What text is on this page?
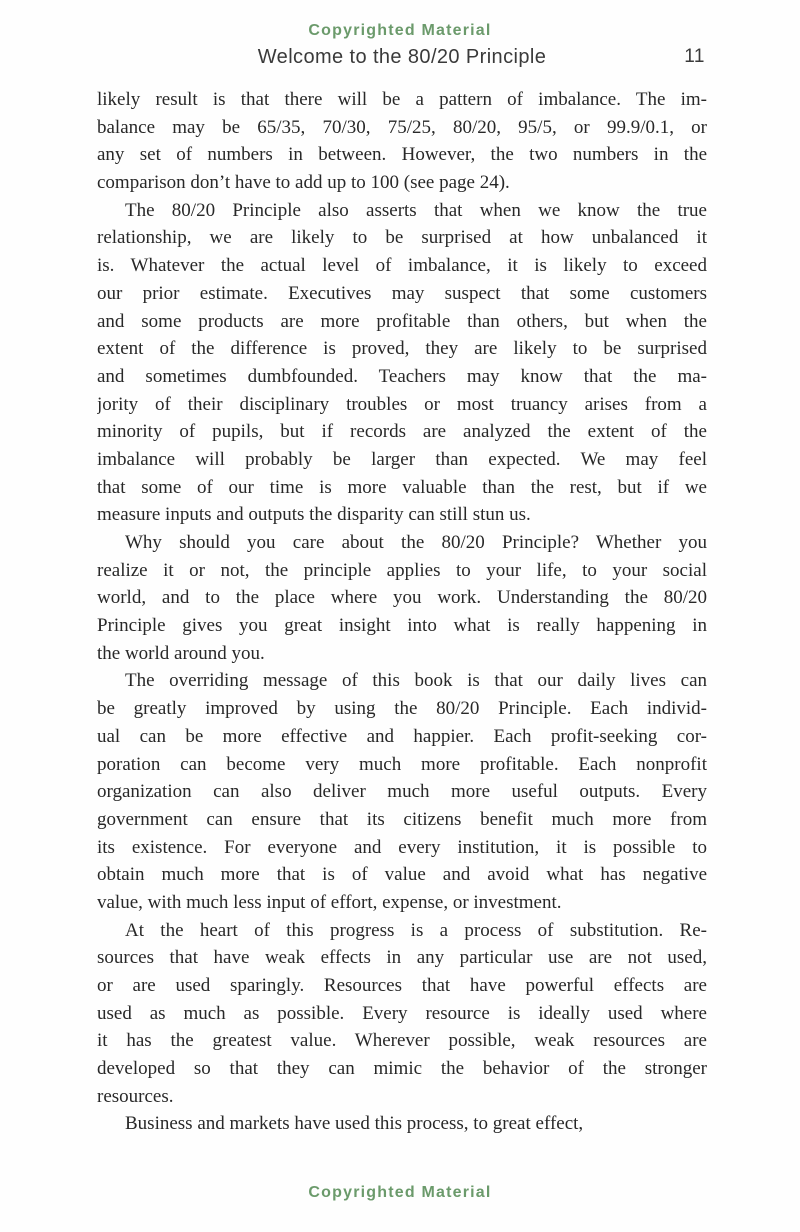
Copyrighted Material
Welcome to the 80/20 Principle	11
likely result is that there will be a pattern of imbalance. The im-
balance may be 65/35, 70/30, 75/25, 80/20, 95/5, or 99.9/0.1, or
any set of numbers in between. However, the two numbers in the
comparison don’t have to add up to 100 (see page 24).
The 80/20 Principle also asserts that when we know the true
relationship, we are likely to be surprised at how unbalanced it
is. Whatever the actual level of imbalance, it is likely to exceed
our prior estimate. Executives may suspect that some customers
and some products are more profitable than others, but when the
extent of the difference is proved, they are likely to be surprised
and sometimes dumbfounded. Teachers may know that the ma-
jority of their disciplinary troubles or most truancy arises from a
minority of pupils, but if records are analyzed the extent of the
imbalance will probably be larger than expected. We may feel
that some of our time is more valuable than the rest, but if we
measure inputs and outputs the disparity can still stun us.
Why should you care about the 80/20 Principle? Whether you
realize it or not, the principle applies to your life, to your social
world, and to the place where you work. Understanding the 80/20
Principle gives you great insight into what is really happening in
the world around you.
The overriding message of this book is that our daily lives can
be greatly improved by using the 80/20 Principle. Each individ-
ual can be more effective and happier. Each profit-seeking cor-
poration can become very much more profitable. Each nonprofit
organization can also deliver much more useful outputs. Every
government can ensure that its citizens benefit much more from
its existence. For everyone and every institution, it is possible to
obtain much more that is of value and avoid what has negative
value, with much less input of effort, expense, or investment.
At the heart of this progress is a process of substitution. Re-
sources that have weak effects in any particular use are not used,
or are used sparingly. Resources that have powerful effects are
used as much as possible. Every resource is ideally used where
it has the greatest value. Wherever possible, weak resources are
developed so that they can mimic the behavior of the stronger
resources.
Business and markets have used this process, to great effect,
Copyrighted Material
